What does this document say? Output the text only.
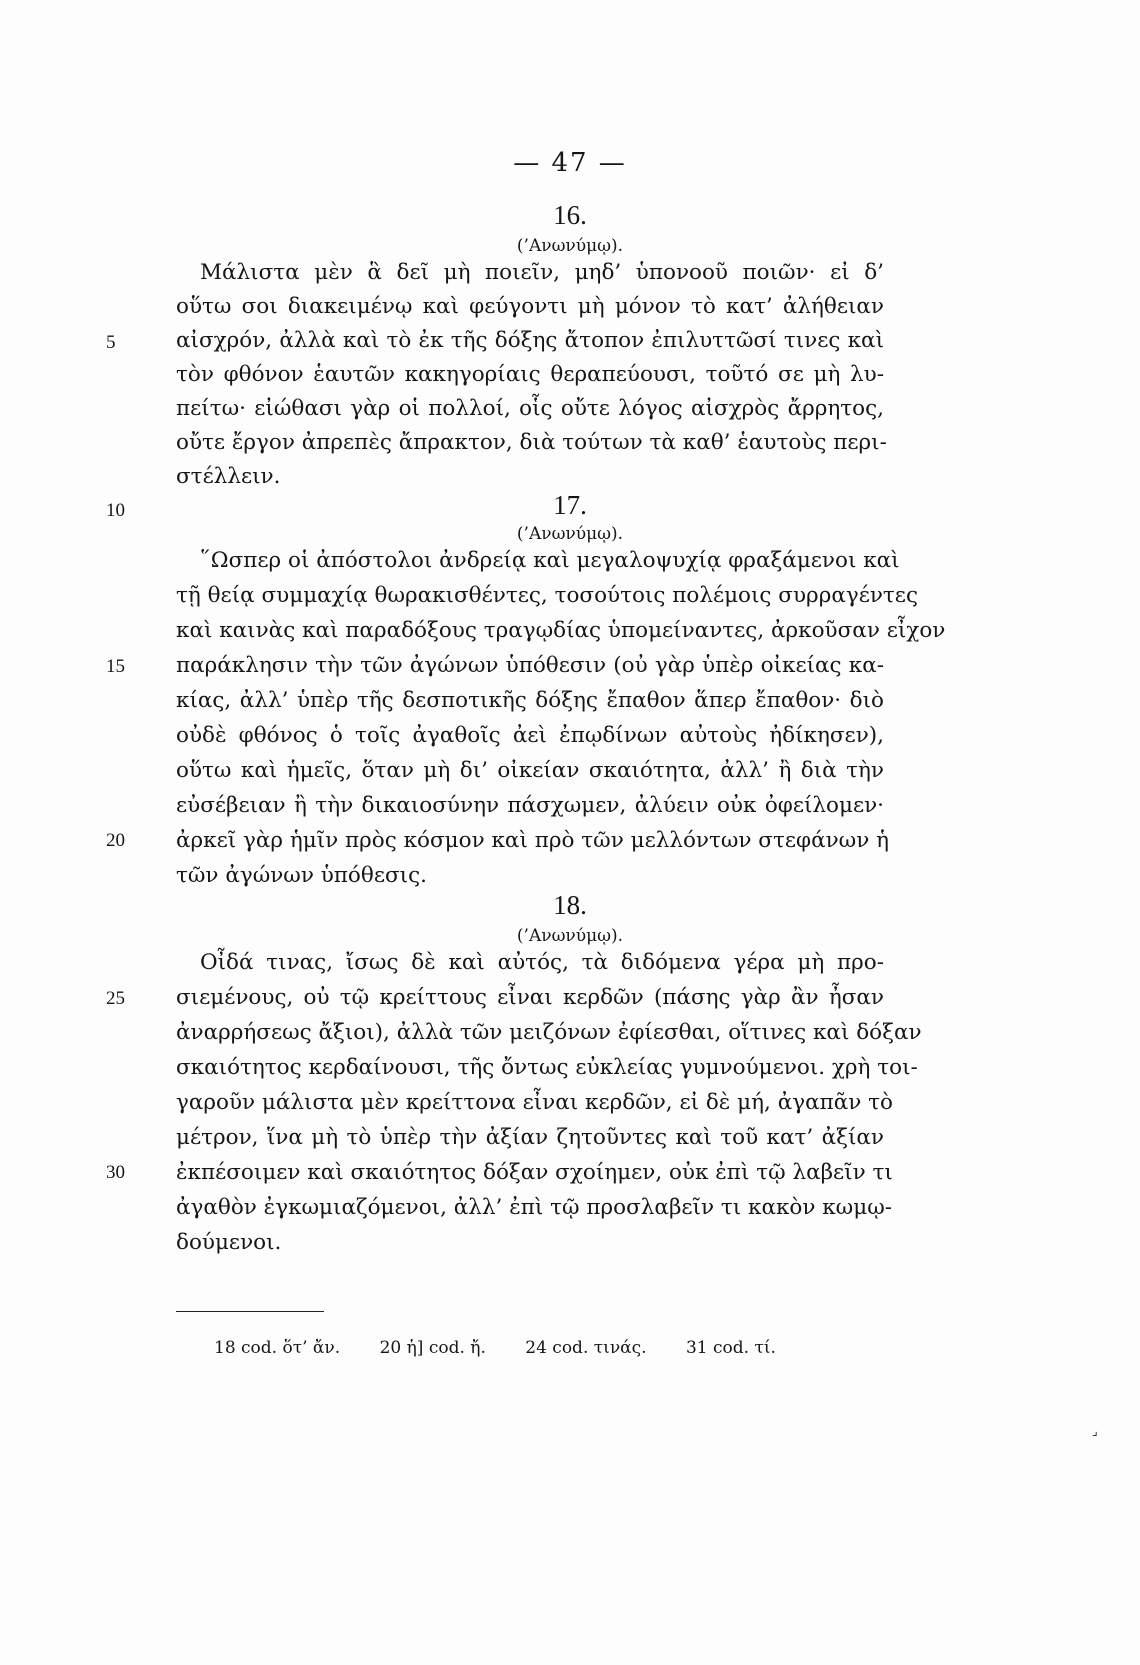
— 47 —
16.
(’Ανωνύμῳ).
Μάλιστα μὲν ἃ δεῖ μὴ ποιεῖν, μηδ’ ὑπονοοῦ ποιῶν· εἰ δ’
οὕτω σοι διακειμένῳ καὶ φεύγοντι μὴ μόνον τὸ κατ’ ἀλήθειαν
αἰσχρόν, ἀλλὰ καὶ τὸ ἐκ τῆς δόξης ἄτοπον ἐπιλυττῶσί τινες καὶ
τὸν φθόνον ἑαυτῶν κακηγορίαις θεραπεύουσι, τοῦτό σε μὴ λυ-
πείτω· εἰώθασι γὰρ οἱ πολλοί, οἷς οὔτε λόγος αἰσχρὸς ἄρρητος,
οὔτε ἔργον ἀπρεπὲς ἄπρακτον, διὰ τούτων τὰ καθ’ ἑαυτοὺς περι-
στέλλειν.
17.
(’Ανωνύμῳ).
῞Ωσπερ οἱ ἀπόστολοι ἀνδρείᾳ καὶ μεγαλοψυχίᾳ φραξάμενοι καὶ
τῇ θείᾳ συμμαχίᾳ θωρακισθέντες, τοσούτοις πολέμοις συρραγέντες
καὶ καινὰς καὶ παραδόξους τραγῳδίας ὑπομείναντες, ἀρκοῦσαν εἶχον
παράκλησιν τὴν τῶν ἀγώνων ὑπόθεσιν (οὐ γὰρ ὑπὲρ οἰκείας κα-
κίας, ἀλλ’ ὑπὲρ τῆς δεσποτικῆς δόξης ἔπαθον ἅπερ ἔπαθον· διὸ
οὐδὲ φθόνος ὁ τοῖς ἀγαθοῖς ἀεὶ ἐπῳδίνων αὐτοὺς ἠδίκησεν),
οὕτω καὶ ἡμεῖς, ὅταν μὴ δι’ οἰκείαν σκαιότητα, ἀλλ’ ἢ διὰ τὴν
εὐσέβειαν ἢ τὴν δικαιοσύνην πάσχωμεν, ἀλύειν οὐκ ὀφείλομεν·
ἀρκεῖ γὰρ ἡμῖν πρὸς κόσμον καὶ πρὸ τῶν μελλόντων στεφάνων ἡ
τῶν ἀγώνων ὑπόθεσις.
18.
(’Ανωνύμῳ).
Οἶδά τινας, ἴσως δὲ καὶ αὐτός, τὰ διδόμενα γέρα μὴ προ-
σιεμένους, οὐ τῷ κρείττους εἶναι κερδῶν (πάσης γὰρ ἂν ἦσαν
ἀναρρήσεως ἄξιοι), ἀλλὰ τῶν μειζόνων ἐφίεσθαι, οἵτινες καὶ δόξαν
σκαιότητος κερδαίνουσι, τῆς ὄντως εὐκλείας γυμνούμενοι. χρὴ τοι-
γαροῦν μάλιστα μὲν κρείττονα εἶναι κερδῶν, εἰ δὲ μή, ἀγαπᾶν τὸ
μέτρον, ἵνα μὴ τὸ ὑπὲρ τὴν ἀξίαν ζητοῦντες καὶ τοῦ κατ’ ἀξίαν
ἐκπέσοιμεν καὶ σκαιότητος δόξαν σχοίημεν, οὐκ ἐπὶ τῷ λαβεῖν τι
ἀγαθὸν ἐγκωμιαζόμενοι, ἀλλ’ ἐπὶ τῷ προσλαβεῖν τι κακὸν κωμῳ-
δούμενοι.
5
10
15
20
25
30
18 cod. ὅτ’ ἄν. 20 ἡ] cod. ἤ. 24 cod. τινάς. 31 cod. τί.
⌟
